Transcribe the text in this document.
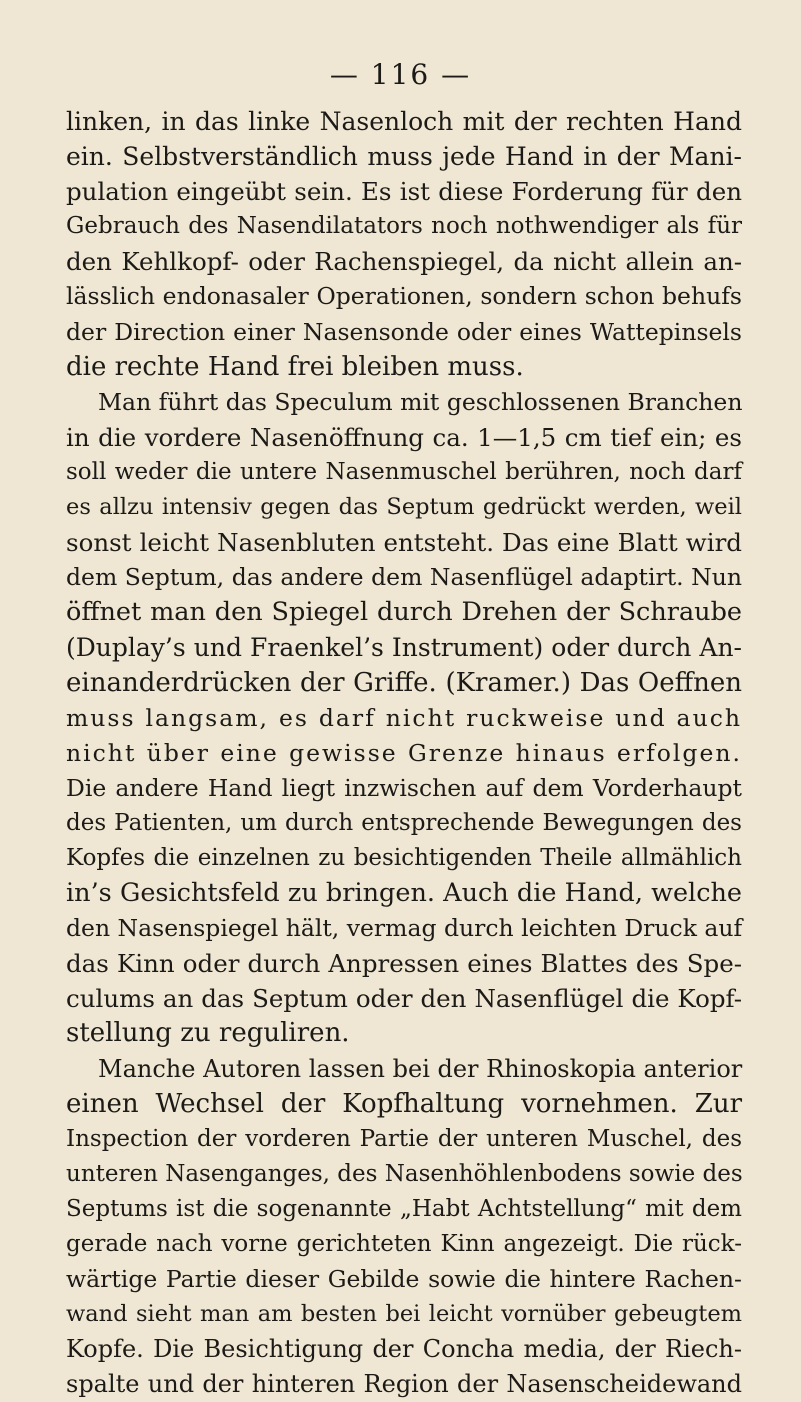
— 116 —
linken, in das linke Nasenloch mit der rechten Hand
ein. Selbstverständlich muss jede Hand in der Mani-
pulation eingeübt sein. Es ist diese Forderung für den
Gebrauch des Nasendilatators noch nothwendiger als für
den Kehlkopf- oder Rachenspiegel, da nicht allein an-
lässlich endonasaler Operationen, sondern schon behufs
der Direction einer Nasensonde oder eines Wattepinsels
die rechte Hand frei bleiben muss.
Man führt das Speculum mit geschlossenen Branchen
in die vordere Nasenöffnung ca. 1—1,5 cm tief ein; es
soll weder die untere Nasenmuschel berühren, noch darf
es allzu intensiv gegen das Septum gedrückt werden, weil
sonst leicht Nasenbluten entsteht. Das eine Blatt wird
dem Septum, das andere dem Nasenflügel adaptirt. Nun
öffnet man den Spiegel durch Drehen der Schraube
(Duplay’s und Fraenkel’s Instrument) oder durch An-
einanderdrücken der Griffe. (Kramer.) Das Oeffnen
muss langsam, es darf nicht ruckweise und auch
nicht über eine gewisse Grenze hinaus erfolgen.
Die andere Hand liegt inzwischen auf dem Vorderhaupt
des Patienten, um durch entsprechende Bewegungen des
Kopfes die einzelnen zu besichtigenden Theile allmählich
in’s Gesichtsfeld zu bringen. Auch die Hand, welche
den Nasenspiegel hält, vermag durch leichten Druck auf
das Kinn oder durch Anpressen eines Blattes des Spe-
culums an das Septum oder den Nasenflügel die Kopf-
stellung zu reguliren.
Manche Autoren lassen bei der Rhinoskopia anterior
einen Wechsel der Kopfhaltung vornehmen. Zur
Inspection der vorderen Partie der unteren Muschel, des
unteren Nasenganges, des Nasenhöhlenbodens sowie des
Septums ist die sogenannte „Habt Achtstellung“ mit dem
gerade nach vorne gerichteten Kinn angezeigt. Die rück-
wärtige Partie dieser Gebilde sowie die hintere Rachen-
wand sieht man am besten bei leicht vornüber gebeugtem
Kopfe. Die Besichtigung der Concha media, der Riech-
spalte und der hinteren Region der Nasenscheidewand
